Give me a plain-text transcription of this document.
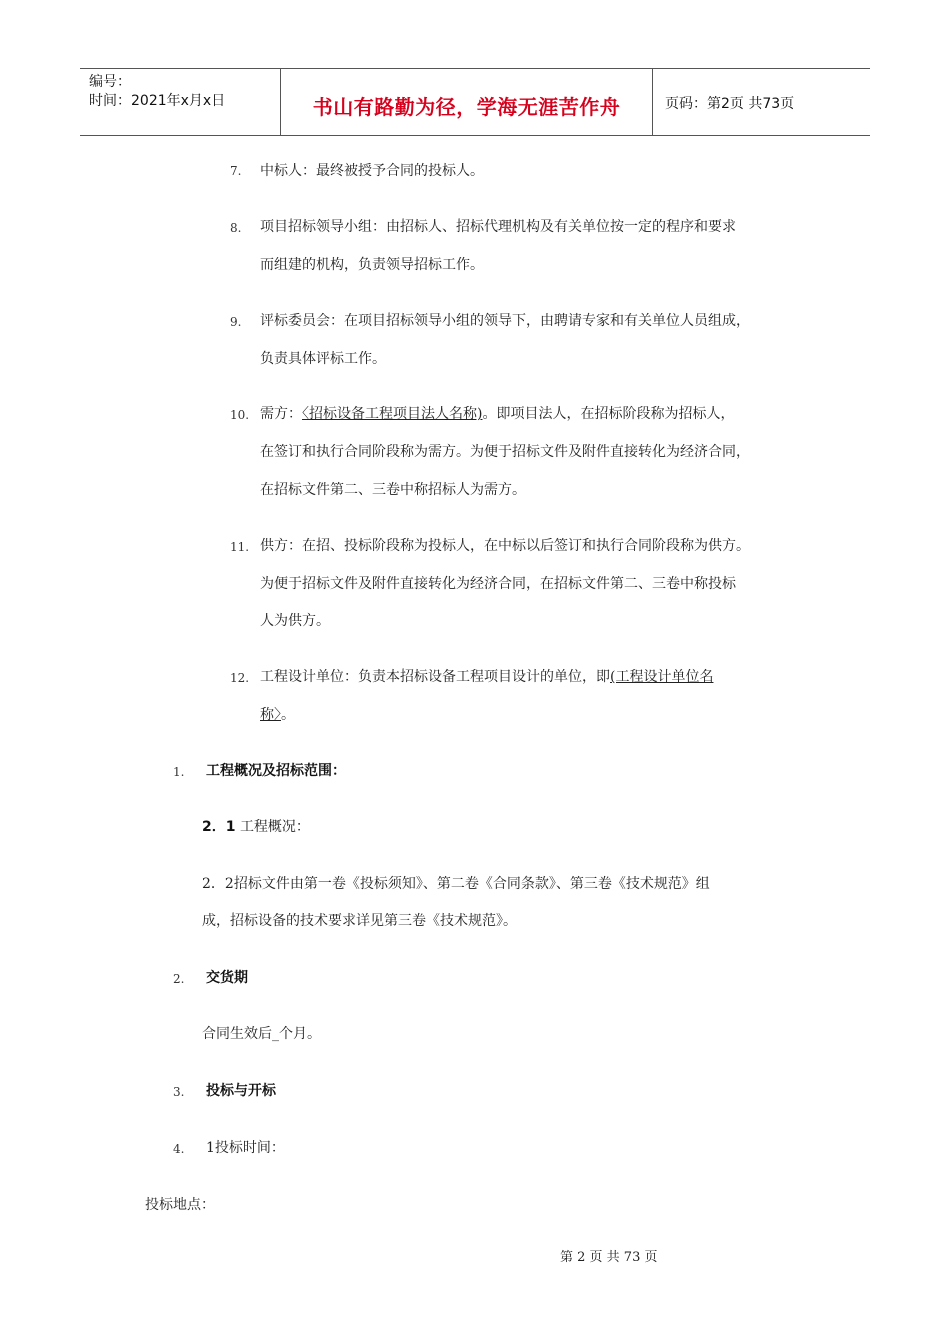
编号：
时间：2021年x月x日	书山有路勤为径，学海无涯苦作舟	页码：第2页 共73页
7. 中标人：最终被授予合同的投标人。
8. 项目招标领导小组：由招标人、招标代理机构及有关单位按一定的程序和要求
而组建的机构，负责领导招标工作。
9. 评标委员会：在项目招标领导小组的领导下，由聘请专家和有关单位人员组成，
负责具体评标工作。
10. 需方：〈招标设备工程项目法人名称)。即项目法人，在招标阶段称为招标人，
在签订和执行合同阶段称为需方。为便于招标文件及附件直接转化为经济合同，
在招标文件第二、三卷中称招标人为需方。
11. 供方：在招、投标阶段称为投标人，在中标以后签订和执行合同阶段称为供方。
为便于招标文件及附件直接转化为经济合同，在招标文件第二、三卷中称投标
人为供方。
12. 工程设计单位：负责本招标设备工程项目设计的单位，即(工程设计单位名
称〉。
1. 工程概况及招标范围：
2．1 工程概况：
2．2招标文件由第一卷《投标须知》、第二卷《合同条款》、第三卷《技术规范》组
成，招标设备的技术要求详见第三卷《技术规范》。
2. 交货期
合同生效后_个月。
3. 投标与开标
4. 1投标时间：
投标地点：
第 2 页 共 73 页
